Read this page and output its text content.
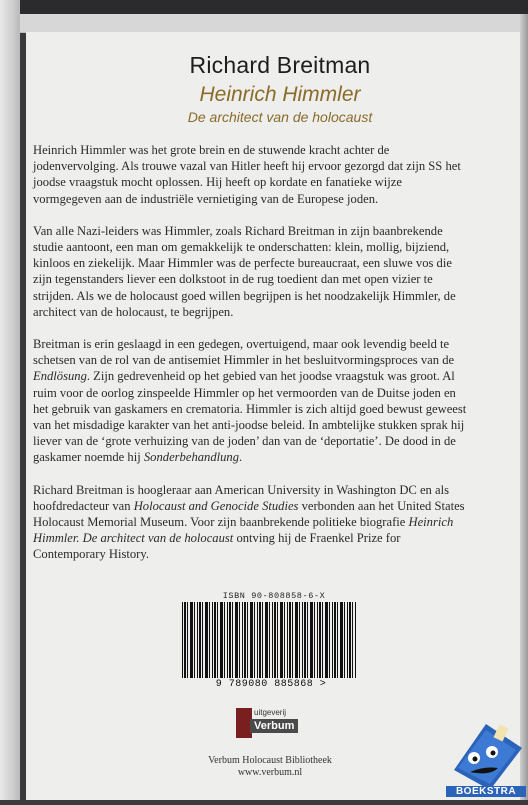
Richard Breitman
Heinrich Himmler
De architect van de holocaust

Heinrich Himmler was het grote brein en de stuwende kracht achter de jodenvervolging. Als trouwe vazal van Hitler heeft hij ervoor gezorgd dat zijn SS het joodse vraagstuk mocht oplossen. Hij heeft op kordate en fanatieke wijze vormgegeven aan de industriële vernietiging van de Europese joden.

Van alle Nazi-leiders was Himmler, zoals Richard Breitman in zijn baanbrekende studie aantoont, een man om gemakkelijk te onderschatten: klein, mollig, bijziend, kinloos en ziekelijk. Maar Himmler was de perfecte bureaucraat, een sluwe vos die zijn tegenstanders liever een dolkstoot in de rug toedient dan met open vizier te strijden. Als we de holocaust goed willen begrijpen is het noodzakelijk Himmler, de architect van de holocaust, te begrijpen.

Breitman is erin geslaagd in een gedegen, overtuigend, maar ook levendig beeld te schetsen van de rol van de antisemiet Himmler in het besluitvormingsproces van de Endlösung. Zijn gedrevenheid op het gebied van het joodse vraagstuk was groot. Al ruim voor de oorlog zinspeelde Himmler op het vermoorden van de Duitse joden en het gebruik van gaskamers en crematoria. Himmler is zich altijd goed bewust geweest van het misdadige karakter van het anti-joodse beleid. In ambtelijke stukken sprak hij liever van de ‘grote verhuizing van de joden’ dan van de ‘deportatie’. De dood in de gaskamer noemde hij Sonderbehandlung.

Richard Breitman is hoogleraar aan American University in Washington DC en als hoofdredacteur van Holocaust and Genocide Studies verbonden aan het United States Holocaust Memorial Museum. Voor zijn baanbrekende politieke biografie Heinrich Himmler. De architect van de holocaust ontving hij de Fraenkel Prize for Contemporary History.

ISBN 90-808858-6-X
9 789080 885868 >
uitgeverij
Verbum
Verbum Holocaust Bibliotheek
www.verbum.nl
BOEKSTRA
